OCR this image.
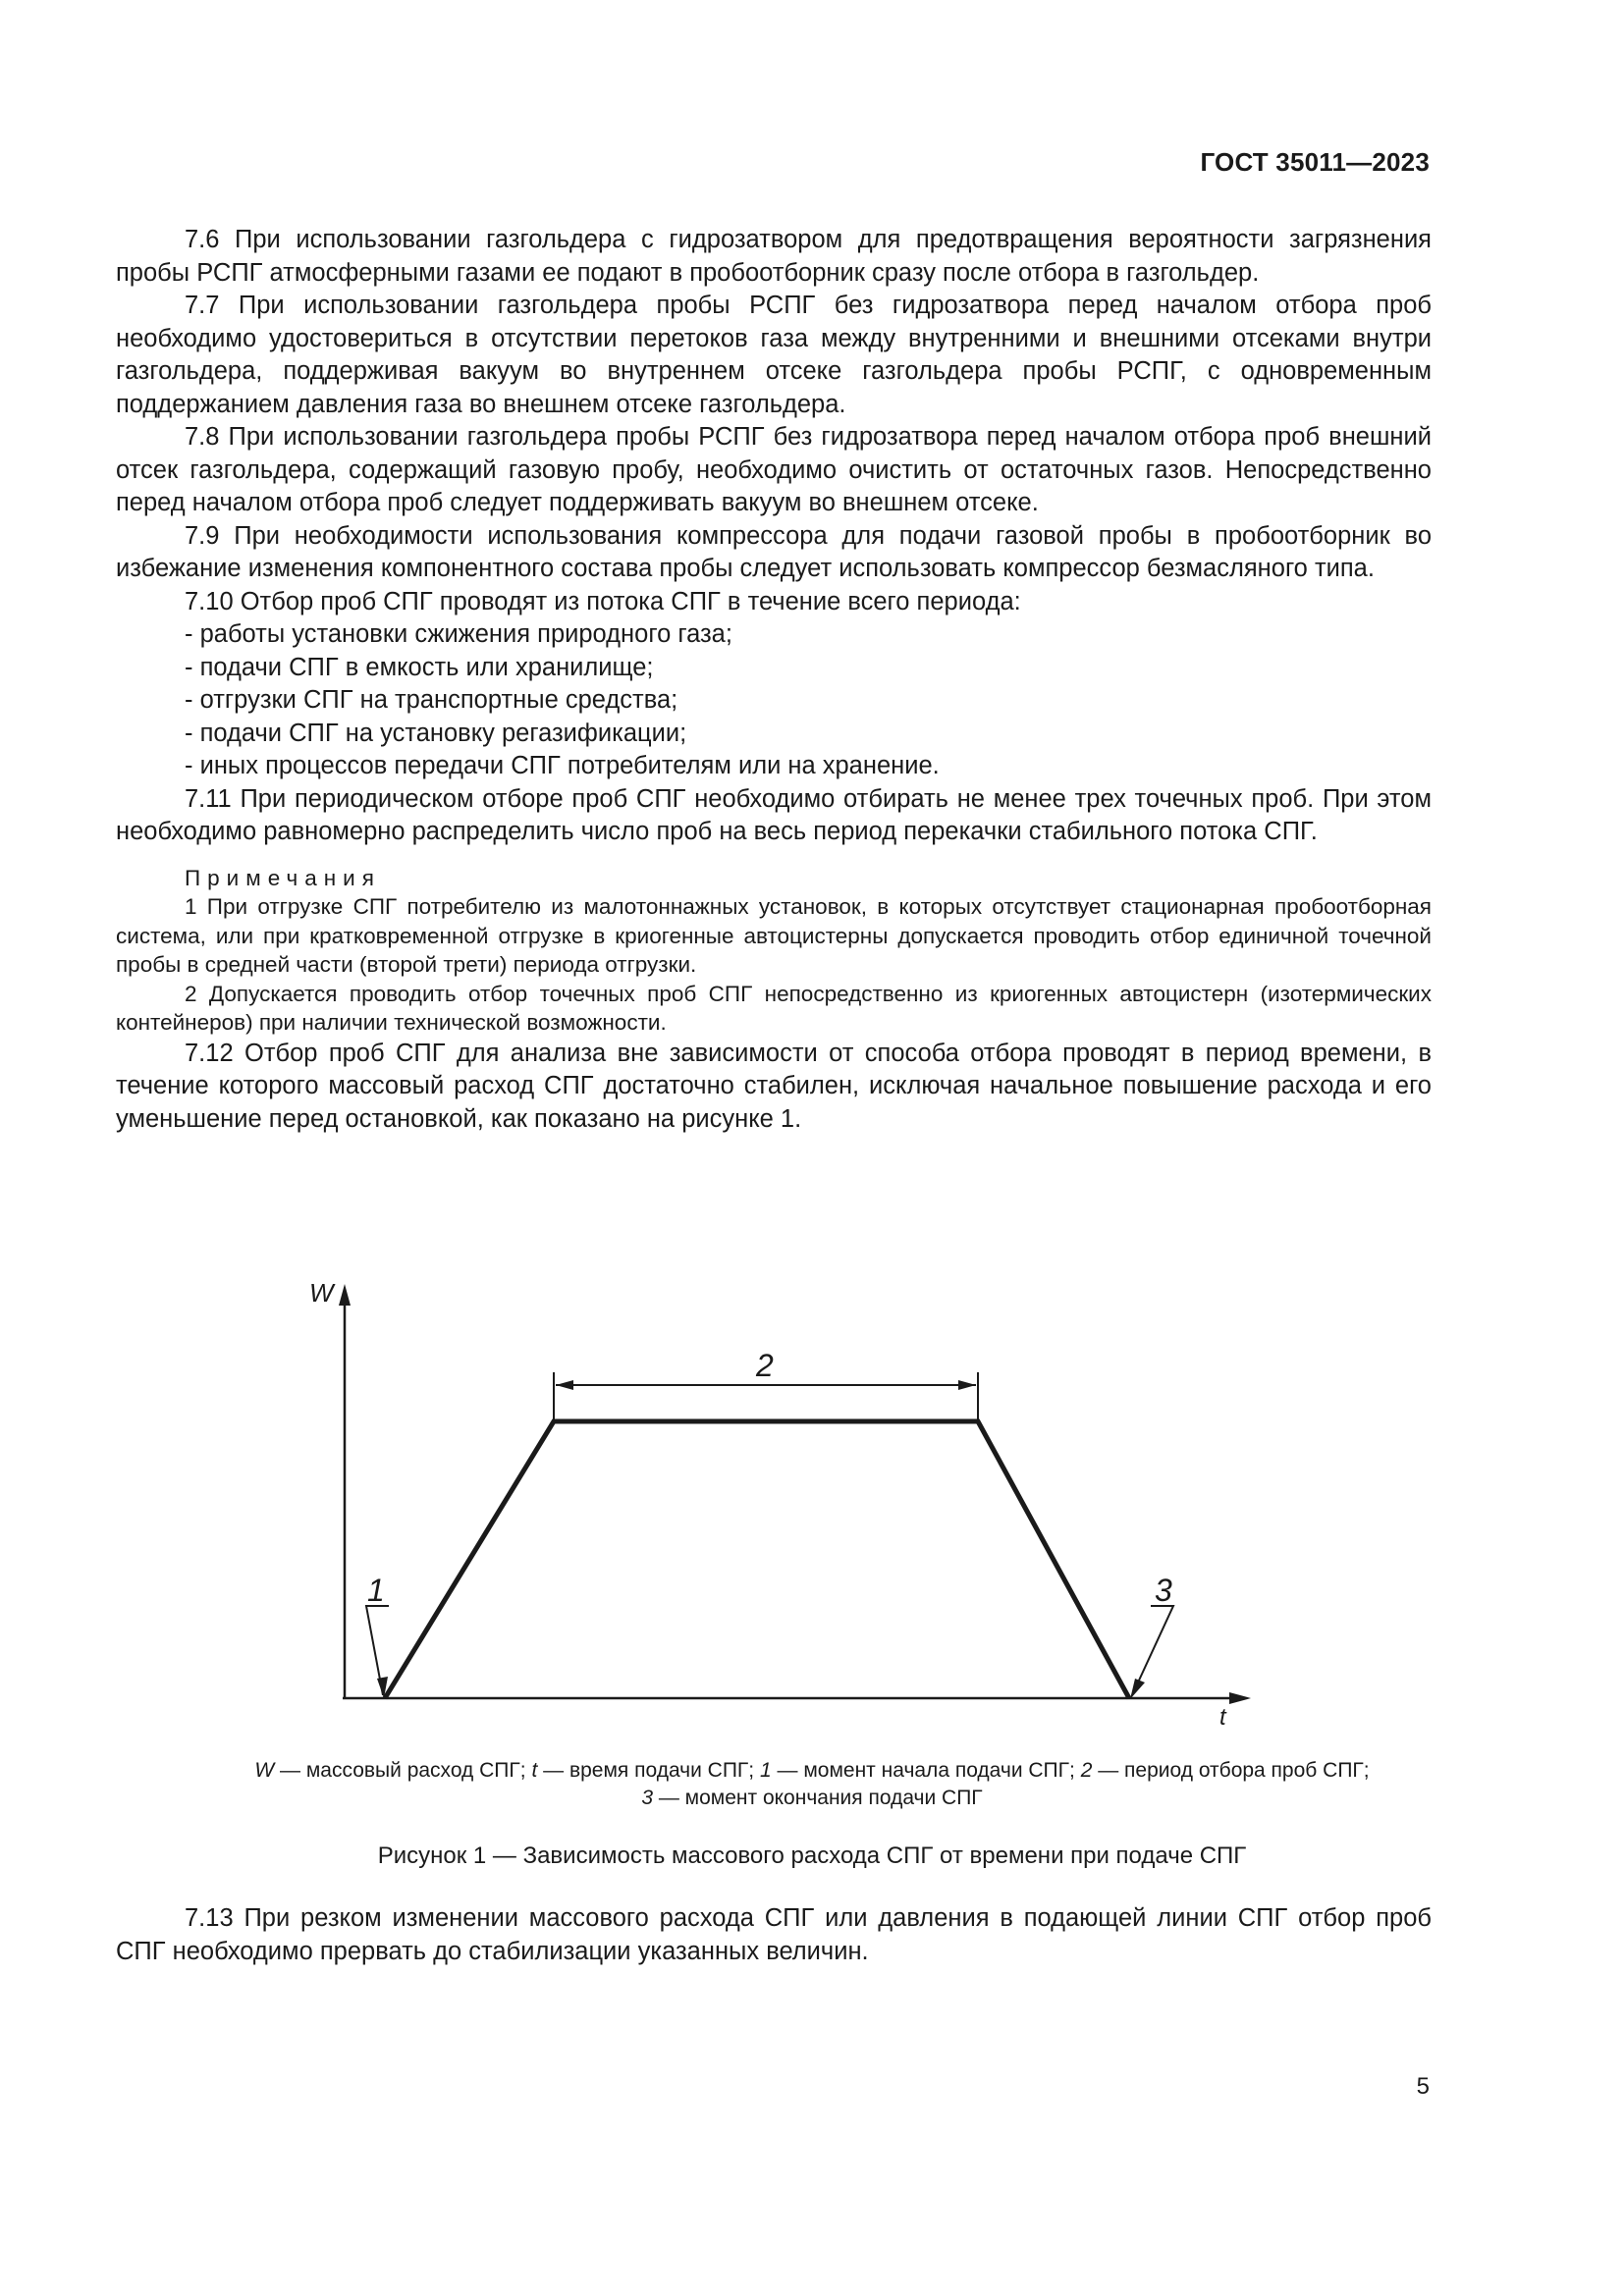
ГОСТ 35011—2023

7.6 При использовании газгольдера с гидрозатвором для предотвращения вероятности загрязнения пробы РСПГ атмосферными газами ее подают в пробоотборник сразу после отбора в газгольдер.

7.7 При использовании газгольдера пробы РСПГ без гидрозатвора перед началом отбора проб необходимо удостовериться в отсутствии перетоков газа между внутренними и внешними отсеками внутри газгольдера, поддерживая вакуум во внутреннем отсеке газгольдера пробы РСПГ, с одновременным поддержанием давления газа во внешнем отсеке газгольдера.

7.8 При использовании газгольдера пробы РСПГ без гидрозатвора перед началом отбора проб внешний отсек газгольдера, содержащий газовую пробу, необходимо очистить от остаточных газов. Непосредственно перед началом отбора проб следует поддерживать вакуум во внешнем отсеке.

7.9 При необходимости использования компрессора для подачи газовой пробы в пробоотборник во избежание изменения компонентного состава пробы следует использовать компрессор безмасляного типа.

7.10 Отбор проб СПГ проводят из потока СПГ в течение всего периода:

- работы установки сжижения природного газа;

- подачи СПГ в емкость или хранилище;

- отгрузки СПГ на транспортные средства;

- подачи СПГ на установку регазификации;

- иных процессов передачи СПГ потребителям или на хранение.

7.11 При периодическом отборе проб СПГ необходимо отбирать не менее трех точечных проб. При этом необходимо равномерно распределить число проб на весь период перекачки стабильного потока СПГ.

Примечания

1 При отгрузке СПГ потребителю из малотоннажных установок, в которых отсутствует стационарная пробоотборная система, или при кратковременной отгрузке в криогенные автоцистерны допускается проводить отбор единичной точечной пробы в средней части (второй трети) периода отгрузки.

2 Допускается проводить отбор точечных проб СПГ непосредственно из криогенных автоцистерн (изотермических контейнеров) при наличии технической возможности.

7.12 Отбор проб СПГ для анализа вне зависимости от способа отбора проводят в период времени, в течение которого массовый расход СПГ достаточно стабилен, исключая начальное повышение расхода и его уменьшение перед остановкой, как показано на рисунке 1.

W
t
2
1	3
W — массовый расход СПГ; t — время подачи СПГ; 1 — момент начала подачи СПГ; 2 — период отбора проб СПГ;
3 — момент окончания подачи СПГ
Рисунок 1 — Зависимость массового расхода СПГ от времени при подаче СПГ

7.13 При резком изменении массового расхода СПГ или давления в подающей линии СПГ отбор проб СПГ необходимо прервать до стабилизации указанных величин.

5
